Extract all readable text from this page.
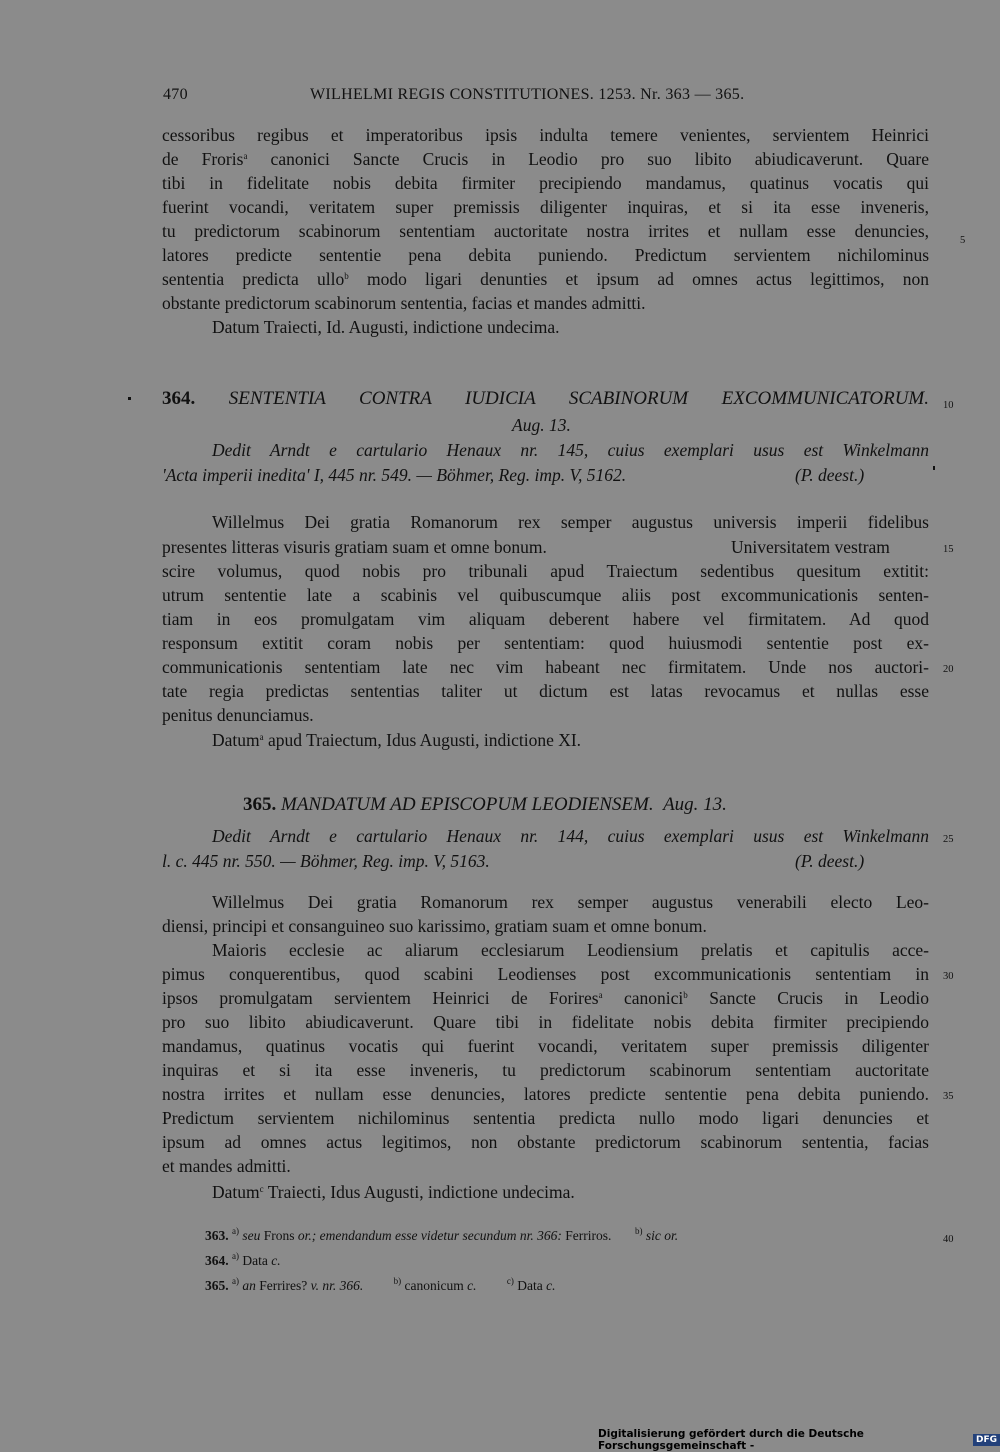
470	WILHELMI REGIS CONSTITUTIONES. 1253. Nr. 363 — 365.
cessoribus regibus et imperatoribus ipsis indulta temere venientes, servientem Heinrici
de Froris$^a$ canonici Sancte Crucis in Leodio pro suo libito abiudicaverunt. Quare
tibi in fidelitate nobis debita firmiter precipiendo mandamus, quatinus vocatis qui
fuerint vocandi, veritatem super premissis diligenter inquiras, et si ita esse inveneris,
tu predictorum scabinorum sententiam auctoritate nostra irrites et nullam esse denuncies,
latores predicte sententie pena debita puniendo. Predictum servientem nichilominus
sententia predicta ullo$^b$ modo ligari denunties et ipsum ad omnes actus legittimos, non
obstante predictorum scabinorum sententia, facias et mandes admitti.
Datum Traiecti, Id. Augusti, indictione undecima.
364. SENTENTIA CONTRA IUDICIA SCABINORUM EXCOMMUNICATORUM.
Aug. 13.
Dedit Arndt e cartulario Henaux nr. 145, cuius exemplari usus est Winkelmann
'Acta imperii inedita' I, 445 nr. 549. — Böhmer, Reg. imp. V, 5162.	(P. deest.)
Willelmus Dei gratia Romanorum rex semper augustus universis imperii fidelibus
presentes litteras visuris gratiam suam et omne bonum.	Universitatem vestram
scire volumus, quod nobis pro tribunali apud Traiectum sedentibus quesitum extitit:
utrum sententie late a scabinis vel quibuscumque aliis post excommunicationis senten-
tiam in eos promulgatam vim aliquam deberent habere vel firmitatem. Ad quod
responsum extitit coram nobis per sententiam: quod huiusmodi sententie post ex-
communicationis sententiam late nec vim habeant nec firmitatem. Unde nos auctori-
tate regia predictas sententias taliter ut dictum est latas revocamus et nullas esse
penitus denunciamus.
Datum$^a$ apud Traiectum, Idus Augusti, indictione XI.
365. MANDATUM AD EPISCOPUM LEODIENSEM. Aug. 13.
Dedit Arndt e cartulario Henaux nr. 144, cuius exemplari usus est Winkelmann
l. c. 445 nr. 550. — Böhmer, Reg. imp. V, 5163.	(P. deest.)
Willelmus Dei gratia Romanorum rex semper augustus venerabili electo Leo-
diensi, principi et consanguineo suo karissimo, gratiam suam et omne bonum.
Maioris ecclesie ac aliarum ecclesiarum Leodiensium prelatis et capitulis acce-
pimus conquerentibus, quod scabini Leodienses post excommunicationis sententiam in
ipsos promulgatam servientem Heinrici de Forires$^a$ canonici$^b$ Sancte Crucis in Leodio
pro suo libito abiudicaverunt. Quare tibi in fidelitate nobis debita firmiter precipiendo
mandamus, quatinus vocatis qui fuerint vocandi, veritatem super premissis diligenter
inquiras et si ita esse inveneris, tu predictorum scabinorum sententiam auctoritate
nostra irrites et nullam esse denuncies, latores predicte sententie pena debita puniendo.
Predictum servientem nichilominus sententia predicta nullo modo ligari denuncies et
ipsum ad omnes actus legitimos, non obstante predictorum scabinorum sententia, facias
et mandes admitti.
Datum$^c$ Traiecti, Idus Augusti, indictione undecima.
5
10
15
20
25
30
35
40
363. $^{a)}$ seu Frons or.; emendandum esse videtur secundum nr. 366: Ferriros.	$^{b)}$ sic or.
364. $^{a)}$ Data c.
365. $^{a)}$ an Ferrires? v. nr. 366.	$^{b)}$ canonicum c.	$^{c)}$ Data c.
Digitalisierung gefördert durch die Deutsche Forschungsgemeinschaft -	DFG
